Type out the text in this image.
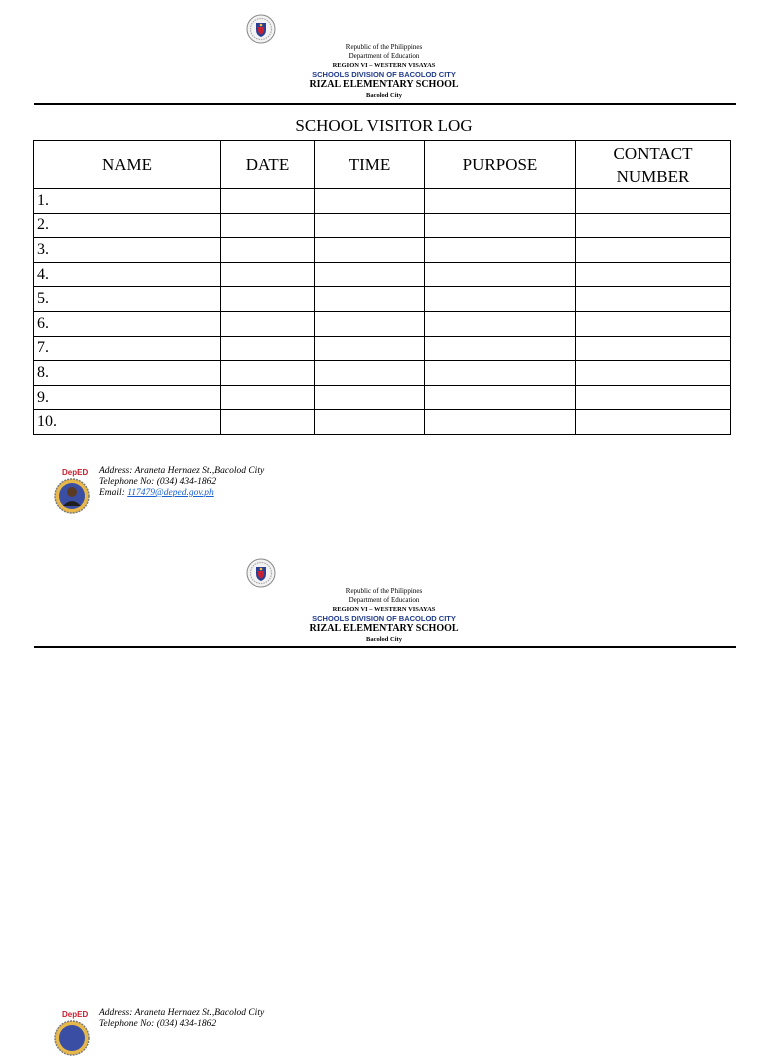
Republic of the Philippines
Department of Education
REGION VI – WESTERN VISAYAS
SCHOOLS DIVISION OF BACOLOD CITY
RIZAL ELEMENTARY SCHOOL
Bacolod City
SCHOOL VISITOR LOG
NAME	DATE	TIME	PURPOSE	CONTACT NUMBER
1.				
2.				
3.				
4.				
5.				
6.				
7.				
8.				
9.				
10.				
DepED Address: Araneta Hernaez St.,Bacolod City
Telephone No: (034) 434-1862
Email: 117479@deped.gov.ph
Republic of the Philippines
Department of Education
REGION VI – WESTERN VISAYAS
SCHOOLS DIVISION OF BACOLOD CITY
RIZAL ELEMENTARY SCHOOL
Bacolod City
DepED Address: Araneta Hernaez St.,Bacolod City
Telephone No: (034) 434-1862
